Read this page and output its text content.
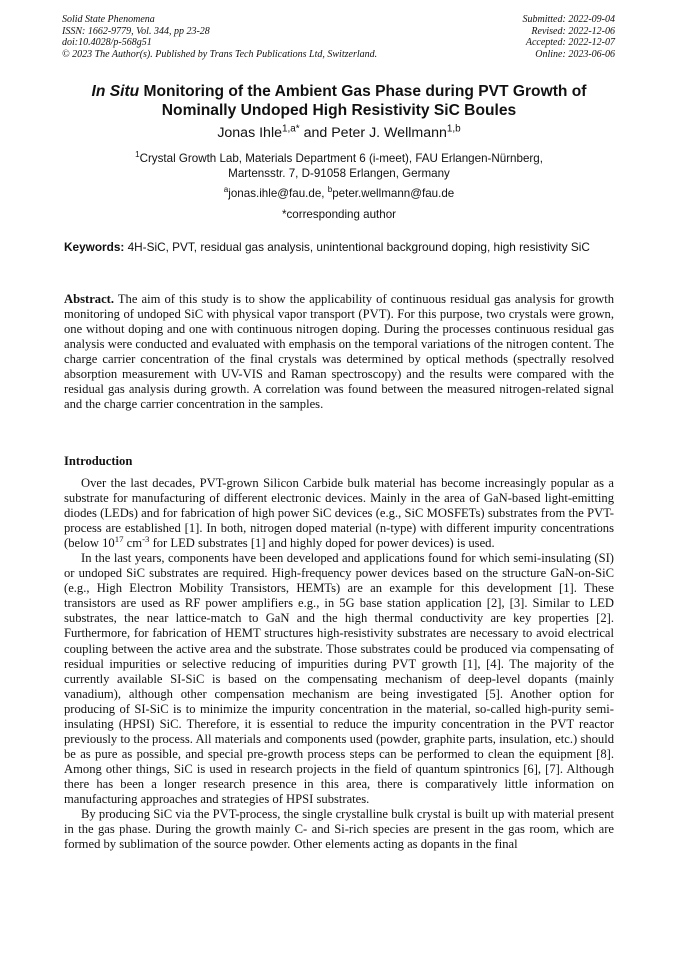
Solid State Phenomena
ISSN: 1662-9779, Vol. 344, pp 23-28
doi:10.4028/p-568g51
© 2023 The Author(s). Published by Trans Tech Publications Ltd, Switzerland.
Submitted: 2022-09-04
Revised: 2022-12-06
Accepted: 2022-12-07
Online: 2023-06-06
In Situ Monitoring of the Ambient Gas Phase during PVT Growth of
Nominally Undoped High Resistivity SiC Boules
Jonas Ihle$^{1,a*}$ and Peter J. Wellmann$^{1,b}$
$^1$Crystal Growth Lab, Materials Department 6 (i-meet), FAU Erlangen-Nürnberg,
Martensstr. 7, D-91058 Erlangen, Germany
$^a$jonas.ihle@fau.de, $^b$peter.wellmann@fau.de
*corresponding author
Keywords: 4H-SiC, PVT, residual gas analysis, unintentional background doping, high resistivity SiC
Abstract. The aim of this study is to show the applicability of continuous residual gas analysis for growth monitoring of undoped SiC with physical vapor transport (PVT). For this purpose, two crystals were grown, one without doping and one with continuous nitrogen doping. During the processes continuous residual gas analysis were conducted and evaluated with emphasis on the temporal variations of the nitrogen content. The charge carrier concentration of the final crystals was determined by optical methods (spectrally resolved absorption measurement with UV-VIS and Raman spectroscopy) and the results were compared with the residual gas analysis during growth. A correlation was found between the measured nitrogen-related signal and the charge carrier concentration in the samples.
Introduction

Over the last decades, PVT-grown Silicon Carbide bulk material has become increasingly popular as a substrate for manufacturing of different electronic devices. Mainly in the area of GaN-based light-emitting diodes (LEDs) and for fabrication of high power SiC devices (e.g., SiC MOSFETs) substrates from the PVT-process are established [1]. In both, nitrogen doped material (n-type) with different impurity concentrations (below $10^{17}$ $cm^{-3}$ for LED substrates [1] and highly doped for power devices) is used.

In the last years, components have been developed and applications found for which semi-insulating (SI) or undoped SiC substrates are required. High-frequency power devices based on the structure GaN-on-SiC (e.g., High Electron Mobility Transistors, HEMTs) are an example for this development [1]. These transistors are used as RF power amplifiers e.g., in 5G base station application [2], [3]. Similar to LED substrates, the near lattice-match to GaN and the high thermal conductivity are key properties [2]. Furthermore, for fabrication of HEMT structures high-resistivity substrates are necessary to avoid electrical coupling between the active area and the substrate. Those substrates could be produced via compensating of residual impurities or selective reducing of impurities during PVT growth [1], [4]. The majority of the currently available SI-SiC is based on the compensating mechanism of deep-level dopants (mainly vanadium), although other compensation mechanism are being investigated [5]. Another option for producing of SI-SiC is to minimize the impurity concentration in the material, so-called high-purity semi-insulating (HPSI) SiC. Therefore, it is essential to reduce the impurity concentration in the PVT reactor previously to the process. All materials and components used (powder, graphite parts, insulation, etc.) should be as pure as possible, and special pre-growth process steps can be performed to clean the equipment [8]. Among other things, SiC is used in research projects in the field of quantum spintronics [6], [7]. Although there has been a longer research presence in this area, there is comparatively little information on manufacturing approaches and strategies of HPSI substrates.

By producing SiC via the PVT-process, the single crystalline bulk crystal is built up with material present in the gas phase. During the growth mainly C- and Si-rich species are present in the gas room, which are formed by sublimation of the source powder. Other elements acting as dopants in the final
